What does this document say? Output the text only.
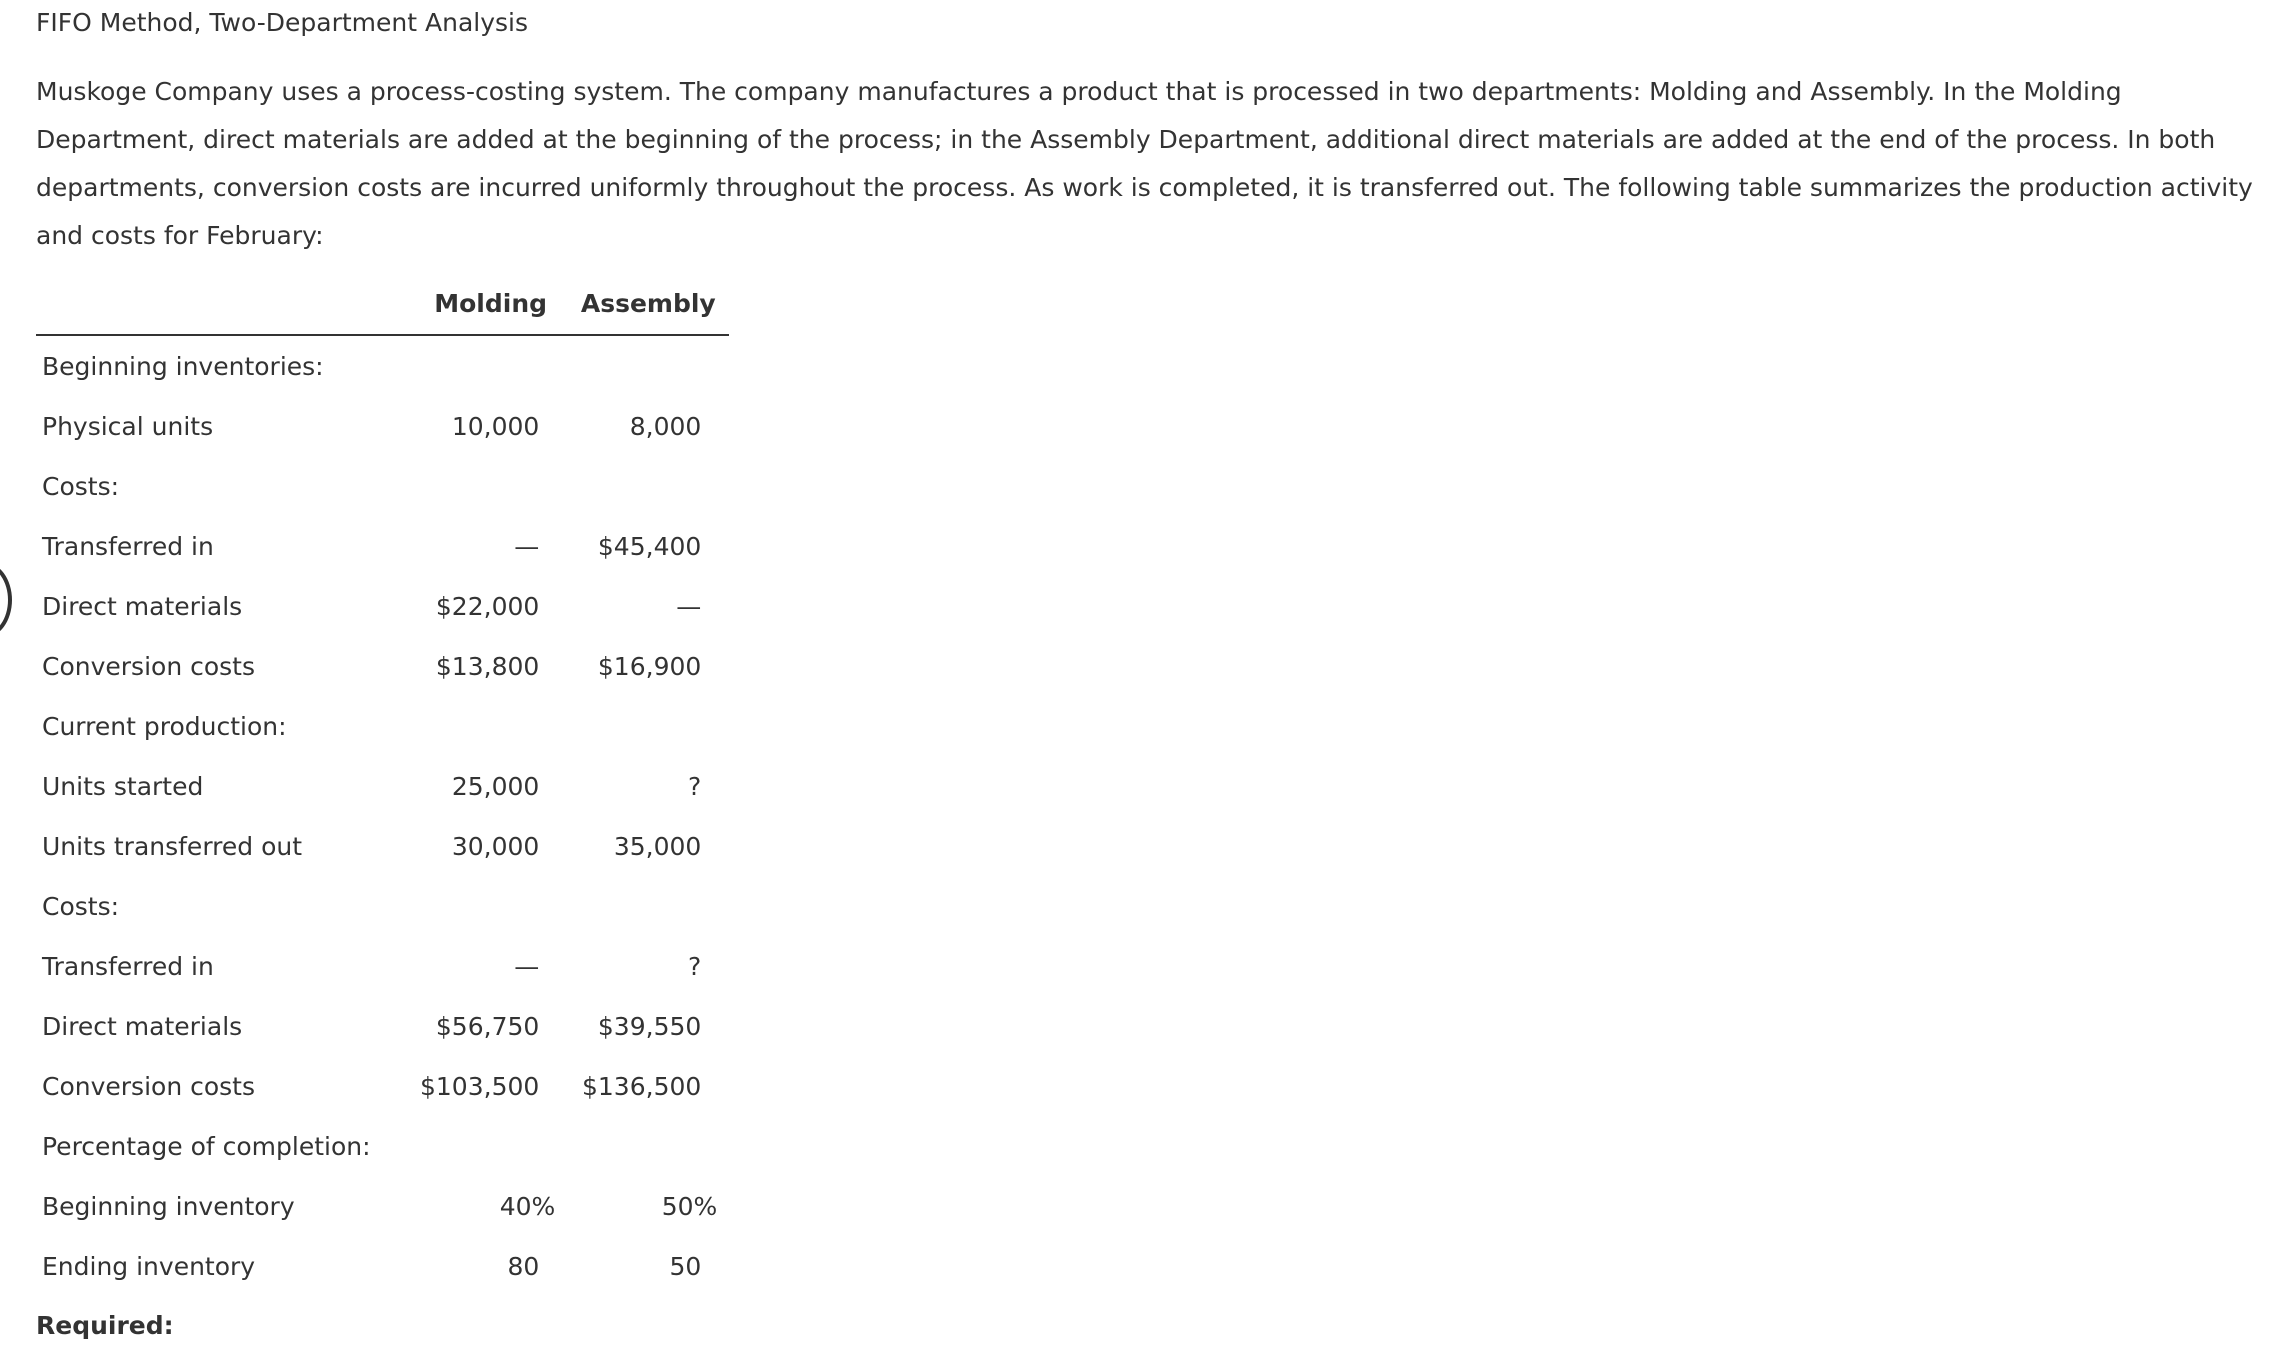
FIFO Method, Two-Department Analysis

Muskoge Company uses a process-costing system. The company manufactures a product that is processed in two departments: Molding and Assembly. In the Molding Department, direct materials are added at the beginning of the process; in the Assembly Department, additional direct materials are added at the end of the process. In both departments, conversion costs are incurred uniformly throughout the process. As work is completed, it is transferred out. The following table summarizes the production activity and costs for February:

	Molding	Assembly
Beginning inventories:		
Physical units	10,000	8,000
Costs:		
Transferred in	—	$45,400
Direct materials	$22,000	—
Conversion costs	$13,800	$16,900
Current production:		
Units started	25,000	?
Units transferred out	30,000	35,000
Costs:		
Transferred in	—	?
Direct materials	$56,750	$39,550
Conversion costs	$103,500	$136,500
Percentage of completion:		
Beginning inventory	40%	50%
Ending inventory	80	50
Required:
